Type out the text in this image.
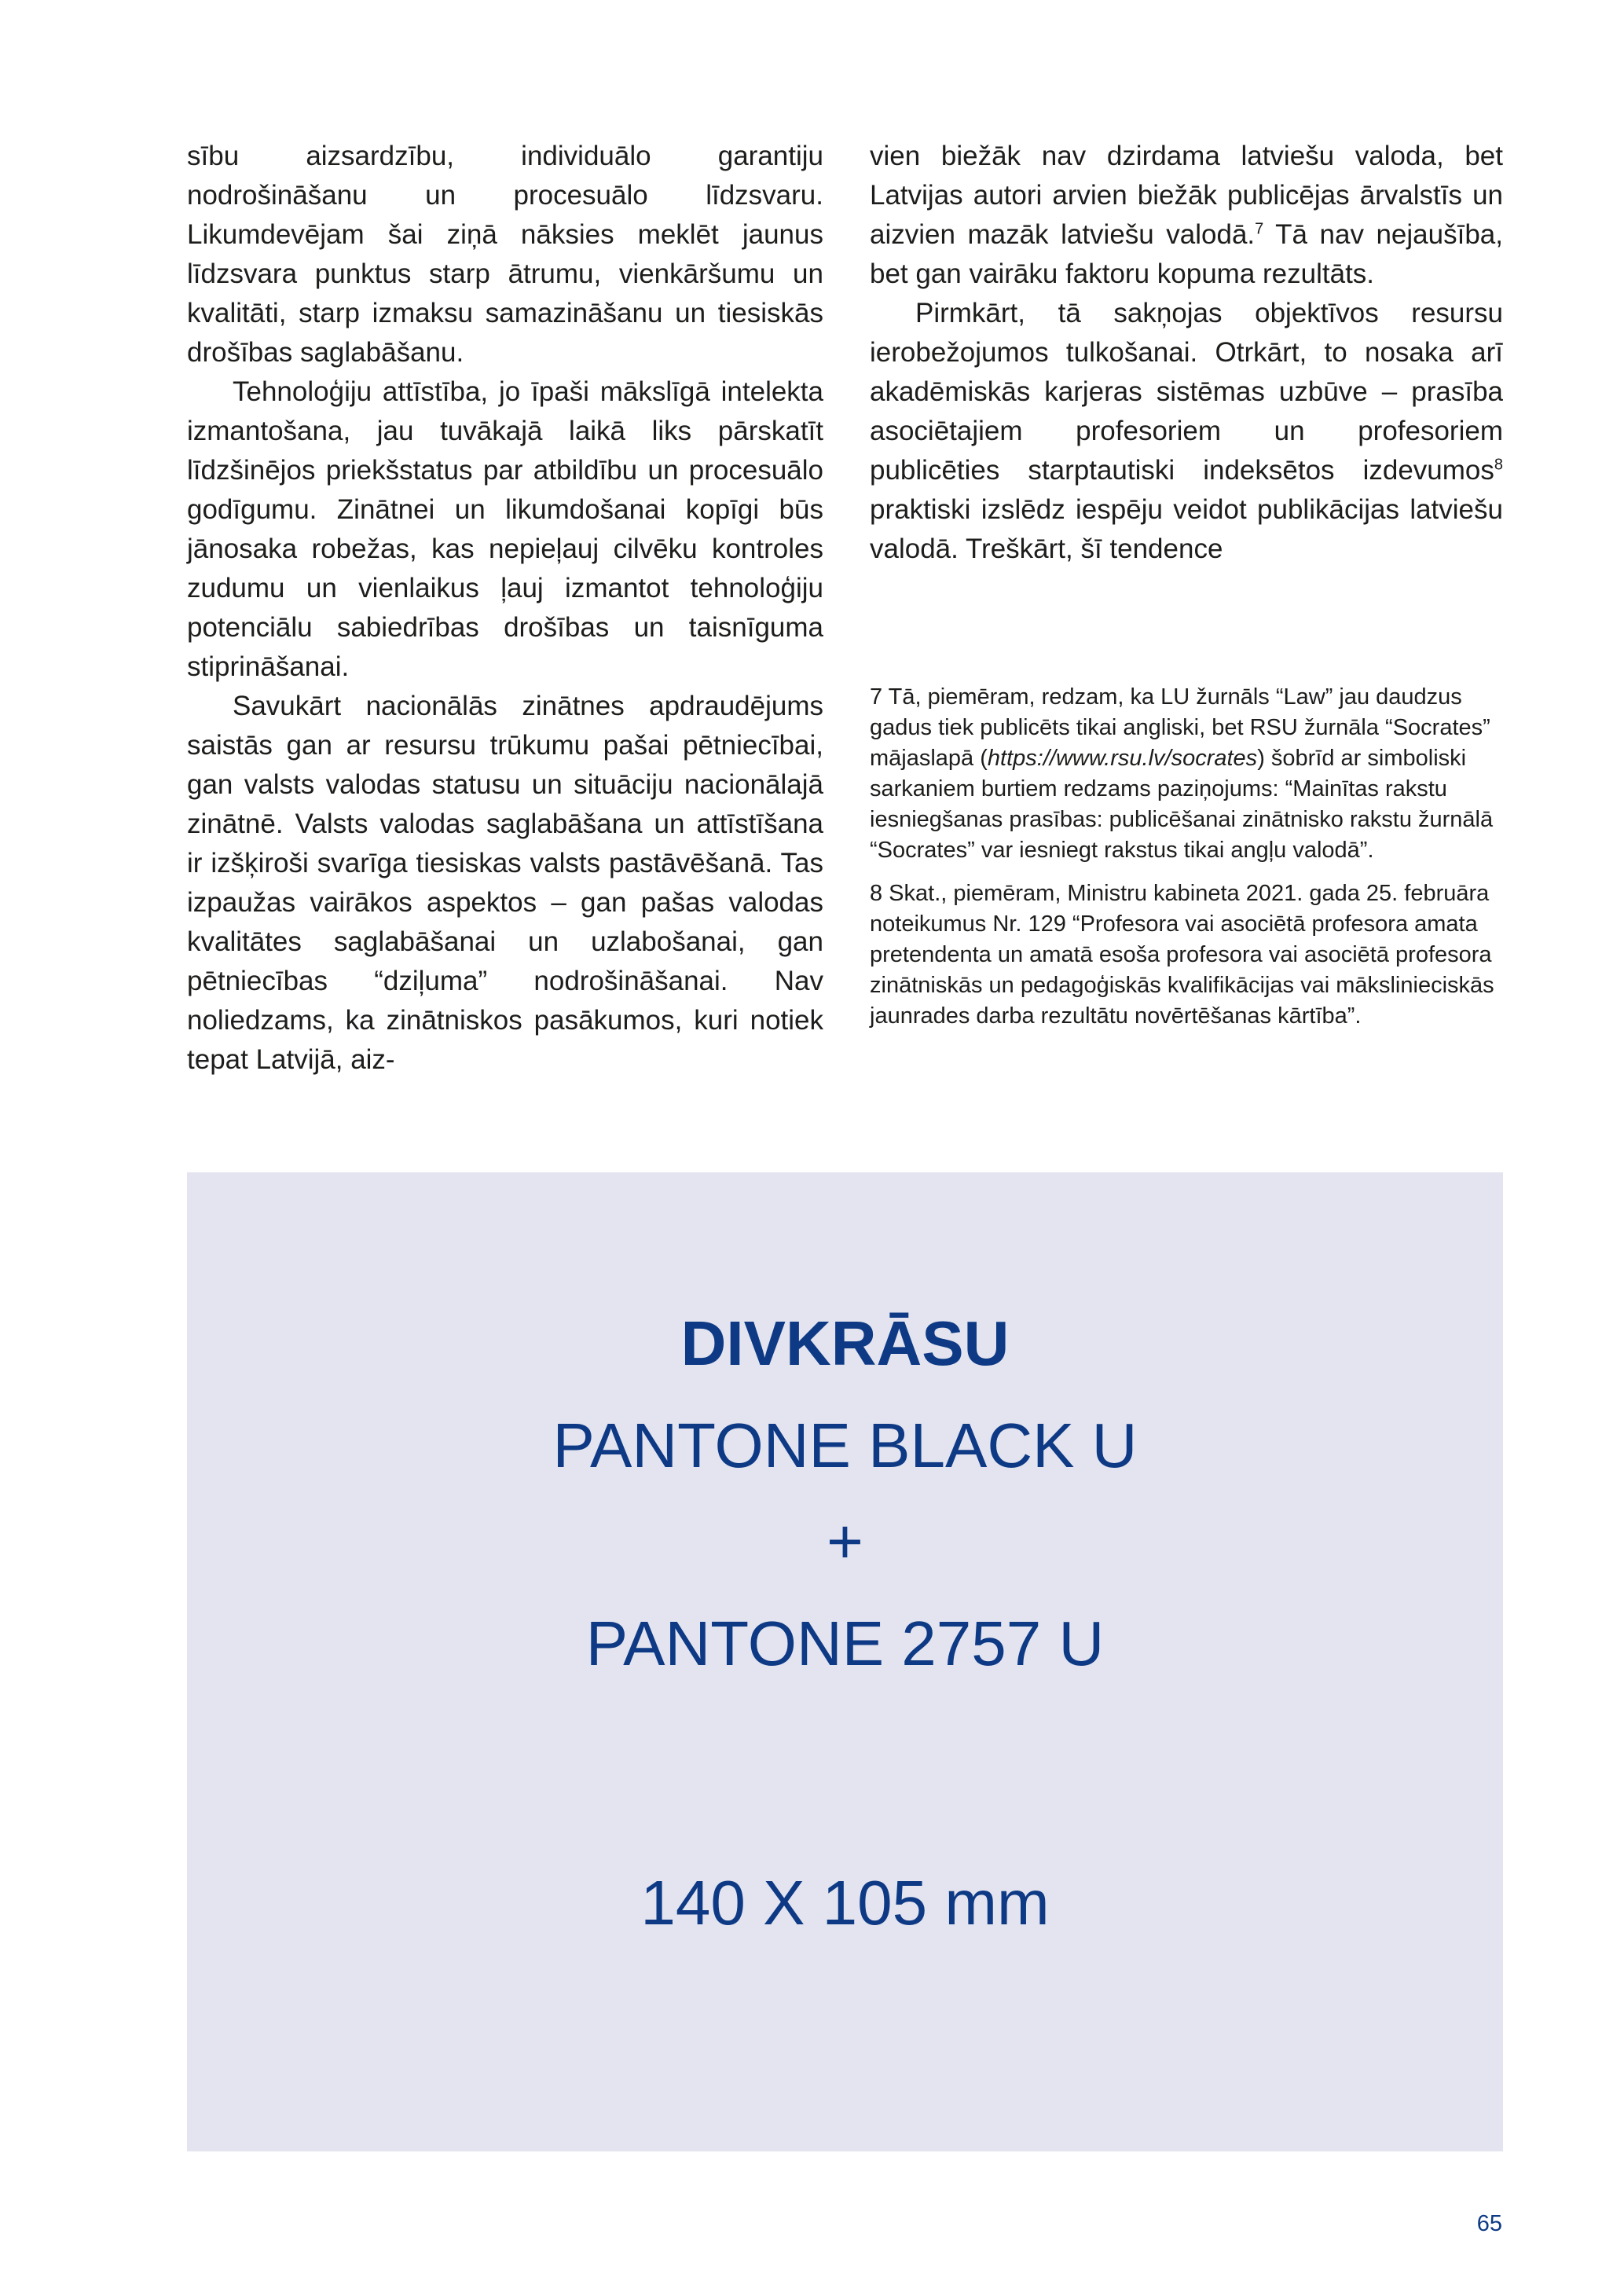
sību aizsardzību, individuālo garantiju nodrošināšanu un procesuālo līdzsvaru. Likumdevējam šai ziņā nāksies meklēt jaunus līdzsvara punktus starp ātrumu, vienkāršumu un kvalitāti, starp izmaksu samazināšanu un tiesiskās drošības saglabāšanu.

Tehnoloģiju attīstība, jo īpaši mākslīgā intelekta izmantošana, jau tuvākajā laikā liks pārskatīt līdzšinējos priekšstatus par atbildību un procesuālo godīgumu. Zinātnei un likumdošanai kopīgi būs jānosaka robežas, kas nepieļauj cilvēku kontroles zudumu un vienlaikus ļauj izmantot tehnoloģiju potenciālu sabiedrības drošības un taisnīguma stiprināšanai.

Savukārt nacionālās zinātnes apdraudējums saistās gan ar resursu trūkumu pašai pētniecībai, gan valsts valodas statusu un situāciju nacionālajā zinātnē. Valsts valodas saglabāšana un attīstīšana ir izšķiroši svarīga tiesiskas valsts pastāvēšanā. Tas izpaužas vairākos aspektos – gan pašas valodas kvalitātes saglabāšanai un uzlabošanai, gan pētniecības “dziļuma” nodrošināšanai. Nav noliedzams, ka zinātniskos pasākumos, kuri notiek tepat Latvijā, aiz-

vien biežāk nav dzirdama latviešu valoda, bet Latvijas autori arvien biežāk publicējas ārvalstīs un aizvien mazāk latviešu valodā.$^7$ Tā nav nejaušība, bet gan vairāku faktoru kopuma rezultāts.

Pirmkārt, tā sakņojas objektīvos resursu ierobežojumos tulkošanai. Otrkārt, to nosaka arī akadēmiskās karjeras sistēmas uzbūve – prasība asociētajiem profesoriem un profesoriem publicēties starptautiski indeksētos izdevumos$^8$ praktiski izslēdz iespēju veidot publikācijas latviešu valodā. Treškārt, šī tendence

7 Tā, piemēram, redzam, ka LU žurnāls “Law” jau daudzus gadus tiek publicēts tikai angliski, bet RSU žurnāla “Socrates” mājaslapā (https://www.rsu.lv/socrates) šobrīd ar simboliski sarkaniem burtiem redzams paziņojums: “Mainītas rakstu iesniegšanas prasības: publicēšanai zinātnisko rakstu žurnālā “Socrates” var iesniegt rakstus tikai angļu valodā”.

8 Skat., piemēram, Ministru kabineta 2021. gada 25. februāra noteikumus Nr. 129 “Profesora vai asociētā profesora amata pretendenta un amatā esoša profesora vai asociētā profesora zinātniskās un pedagoģiskās kvalifikācijas vai mākslinieciskās jaunrades darba rezultātu novērtēšanas kārtība”.

DIVKRĀSU
PANTONE BLACK U
+
PANTONE 2757 U
140 X 105 mm
65
